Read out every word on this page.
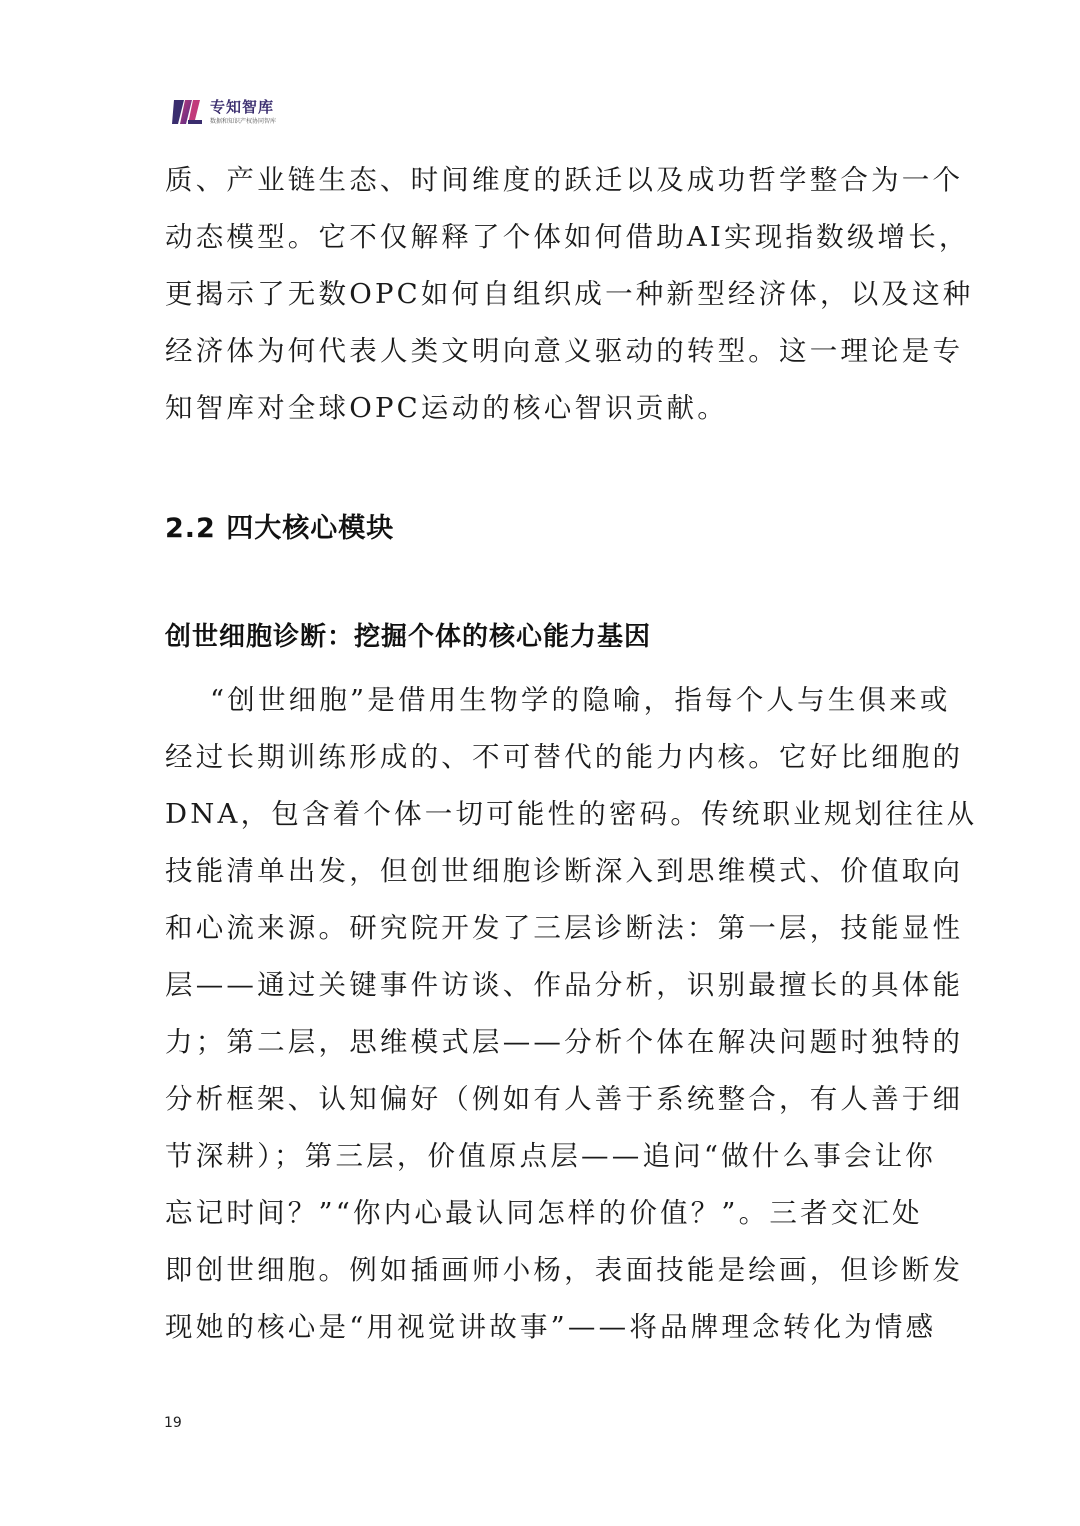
专知智库
数据和知识产权协同智库

质、产业链生态、时间维度的跃迁以及成功哲学整合为一个

动态模型。它不仅解释了个体如何借助AI实现指数级增长，

更揭示了无数OPC如何自组织成一种新型经济体，以及这种

经济体为何代表人类文明向意义驱动的转型。这一理论是专

知智库对全球OPC运动的核心智识贡献。

2.2 四大核心模块
创世细胞诊断：挖掘个体的核心能力基因

“创世细胞”是借用生物学的隐喻，指每个人与生俱来或

经过长期训练形成的、不可替代的能力内核。它好比细胞的

DNA，包含着个体一切可能性的密码。传统职业规划往往从

技能清单出发，但创世细胞诊断深入到思维模式、价值取向

和心流来源。研究院开发了三层诊断法：第一层，技能显性

层——通过关键事件访谈、作品分析，识别最擅长的具体能

力；第二层，思维模式层——分析个体在解决问题时独特的

分析框架、认知偏好（例如有人善于系统整合，有人善于细

节深耕）；第三层，价值原点层——追问“做什么事会让你

忘记时间？”“你内心最认同怎样的价值？”。三者交汇处

即创世细胞。例如插画师小杨，表面技能是绘画，但诊断发

现她的核心是“用视觉讲故事”——将品牌理念转化为情感

19
